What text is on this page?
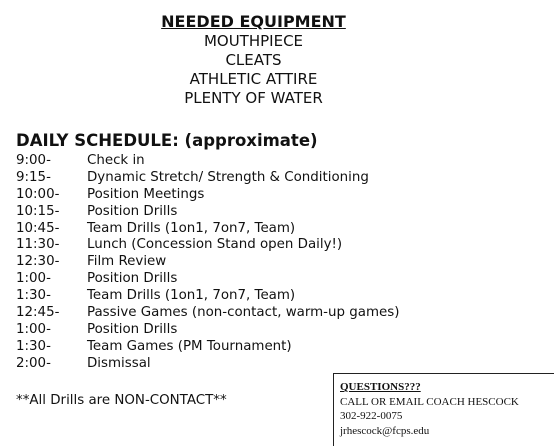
NEEDED EQUIPMENT

MOUTHPIECE

CLEATS

ATHLETIC ATTIRE

PLENTY OF WATER

DAILY SCHEDULE: (approximate)

9:00-	Check in
9:15-	Dynamic Stretch/ Strength & Conditioning
10:00- Position Meetings
10:15- Position Drills
10:45- Team Drills (1on1, 7on7, Team)
11:30- Lunch (Concession Stand open Daily!)
12:30- Film Review
1:00-	Position Drills
1:30-	Team Drills (1on1, 7on7, Team)
12:45- Passive Games (non-contact, warm-up games)
1:00-	Position Drills
1:30-	Team Games (PM Tournament)
2:00-	Dismissal
**All Drills are NON-CONTACT**
QUESTIONS???
CALL OR EMAIL COACH HESCOCK
302-922-0075
jrhescock@fcps.edu
